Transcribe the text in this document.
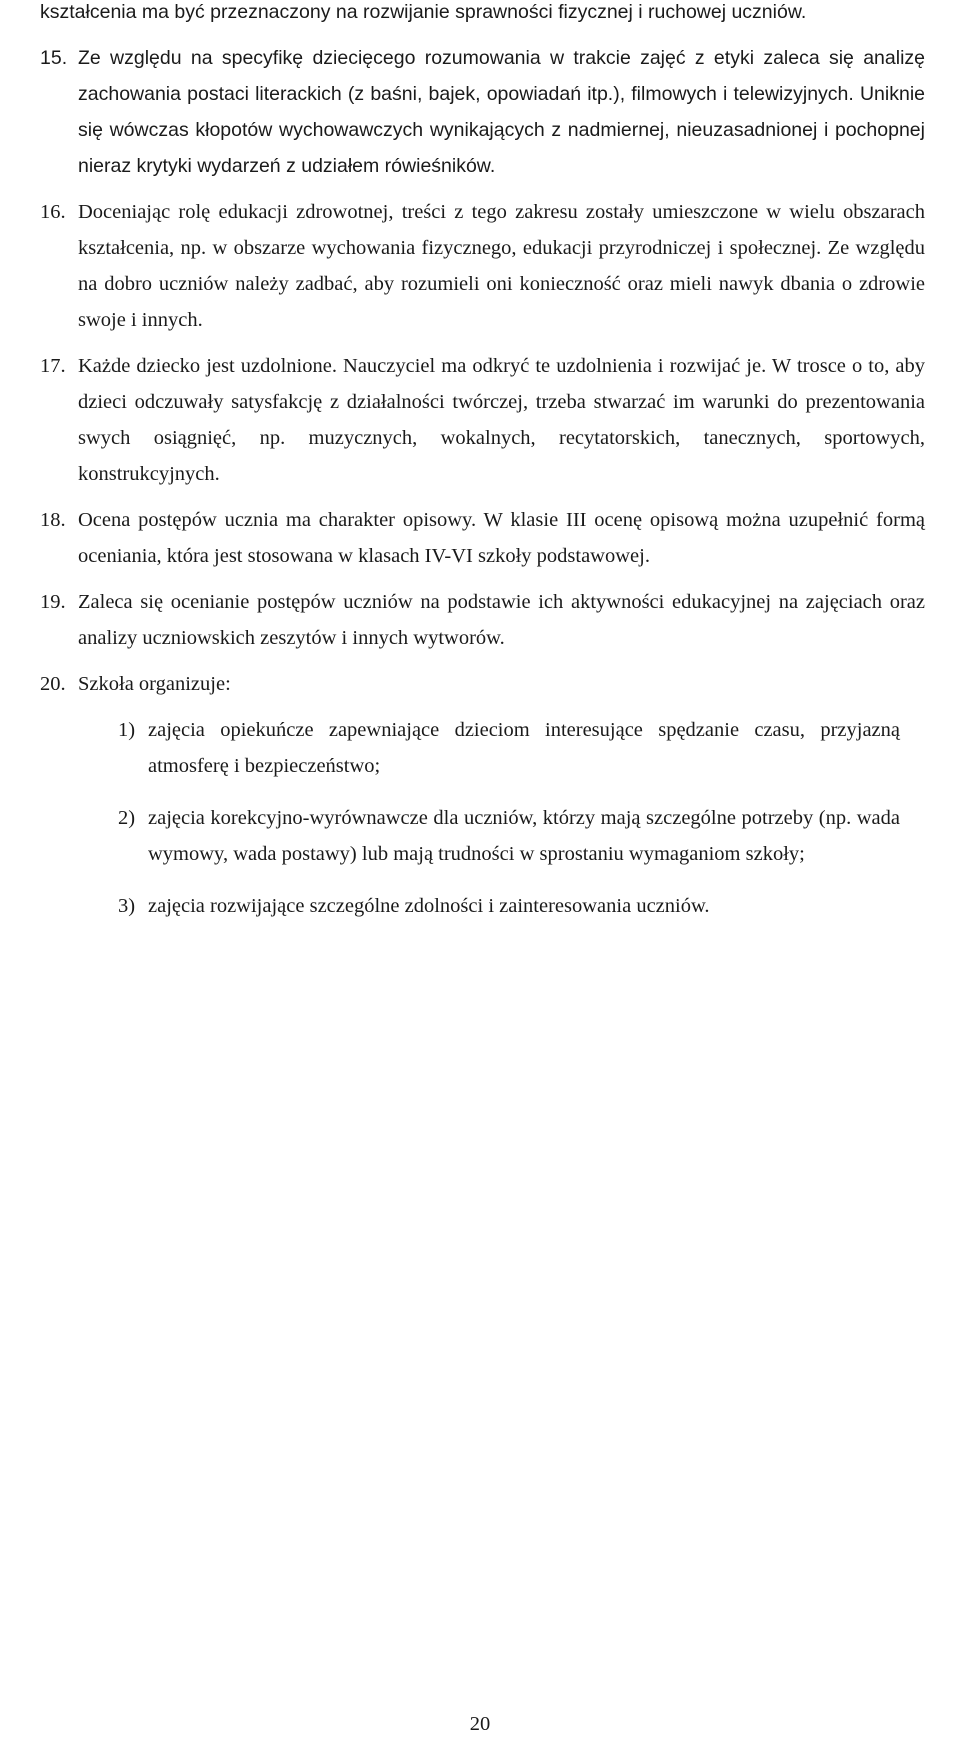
kształcenia ma być przeznaczony na rozwijanie sprawności fizycznej i ruchowej uczniów.

15. Ze względu na specyfikę dziecięcego rozumowania w trakcie zajęć z etyki zaleca się analizę zachowania postaci literackich (z baśni, bajek, opowiadań itp.), filmowych i telewizyjnych. Uniknie się wówczas kłopotów wychowawczych wynikających z nadmiernej, nieuzasadnionej i pochopnej nieraz krytyki wydarzeń z udziałem rówieśników.
16. Doceniając rolę edukacji zdrowotnej, treści z tego zakresu zostały umieszczone w wielu obszarach kształcenia, np. w obszarze wychowania fizycznego, edukacji przyrodniczej i społecznej. Ze względu na dobro uczniów należy zadbać, aby rozumieli oni konieczność oraz mieli nawyk dbania o zdrowie swoje i innych.
17. Każde dziecko jest uzdolnione. Nauczyciel ma odkryć te uzdolnienia i rozwijać je. W trosce o to, aby dzieci odczuwały satysfakcję z działalności twórczej, trzeba stwarzać im warunki do prezentowania swych osiągnięć, np. muzycznych, wokalnych, recytatorskich, tanecznych, sportowych, konstrukcyjnych.
18. Ocena postępów ucznia ma charakter opisowy. W klasie III ocenę opisową można uzupełnić formą oceniania, która jest stosowana w klasach IV-VI szkoły podstawowej.
19. Zaleca się ocenianie postępów uczniów na podstawie ich aktywności edukacyjnej na zajęciach oraz analizy uczniowskich zeszytów i innych wytworów.
20. Szkoła organizuje:
1) zajęcia opiekuńcze zapewniające dzieciom interesujące spędzanie czasu, przyjazną atmosferę i bezpieczeństwo;
2) zajęcia korekcyjno-wyrównawcze dla uczniów, którzy mają szczególne potrzeby (np. wada wymowy, wada postawy) lub mają trudności w sprostaniu wymaganiom szkoły;
3) zajęcia rozwijające szczególne zdolności i zainteresowania uczniów.
20
